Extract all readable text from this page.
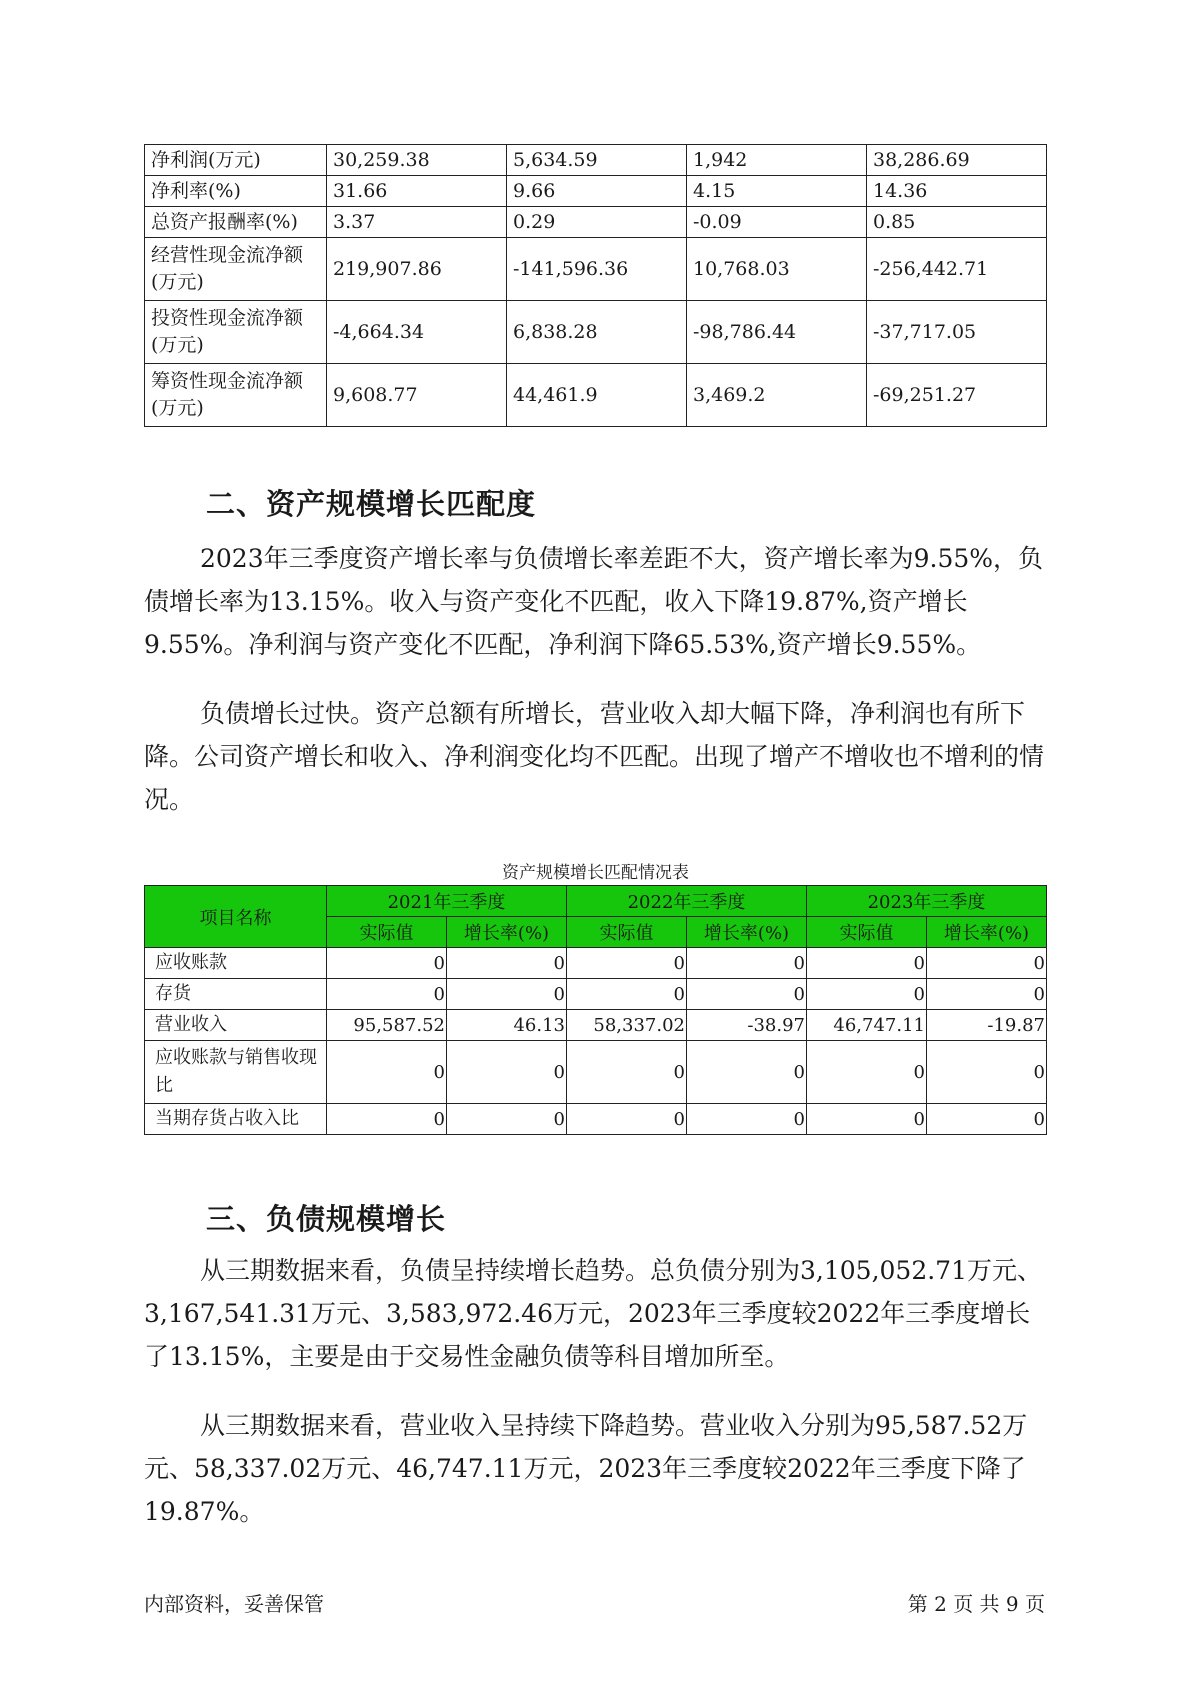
净利润(万元)	30,259.38	5,634.59	1,942	38,286.69
净利率(%)	31.66	9.66	4.15	14.36
总资产报酬率(%)	3.37	0.29	-0.09	0.85
经营性现金流净额(万元)	219,907.86	-141,596.36	10,768.03	-256,442.71
投资性现金流净额(万元)	-4,664.34	6,838.28	-98,786.44	-37,717.05
筹资性现金流净额(万元)	9,608.77	44,461.9	3,469.2	-69,251.27
二、资产规模增长匹配度

2023年三季度资产增长率与负债增长率差距不大，资产增长率为9.55%，负债增长率为13.15%。收入与资产变化不匹配，收入下降19.87%,资产增长9.55%。净利润与资产变化不匹配，净利润下降65.53%,资产增长9.55%。

负债增长过快。资产总额有所增长，营业收入却大幅下降，净利润也有所下降。公司资产增长和收入、净利润变化均不匹配。出现了增产不增收也不增利的情况。

资产规模增长匹配情况表
项目名称	2021年三季度		2022年三季度		2023年三季度	
	实际值	增长率(%)	实际值	增长率(%)	实际值	增长率(%)
应收账款	0	0	0	0	0	0
存货	0	0	0	0	0	0
营业收入	95,587.52	46.13	58,337.02	-38.97	46,747.11	-19.87
应收账款与销售收现比	0	0	0	0	0	0
当期存货占收入比	0	0	0	0	0	0
三、负债规模增长

从三期数据来看，负债呈持续增长趋势。总负债分别为3,105,052.71万元、3,167,541.31万元、3,583,972.46万元，2023年三季度较2022年三季度增长了13.15%，主要是由于交易性金融负债等科目增加所至。

从三期数据来看，营业收入呈持续下降趋势。营业收入分别为95,587.52万元、58,337.02万元、46,747.11万元，2023年三季度较2022年三季度下降了19.87%。

内部资料，妥善保管	第 2 页 共 9 页
